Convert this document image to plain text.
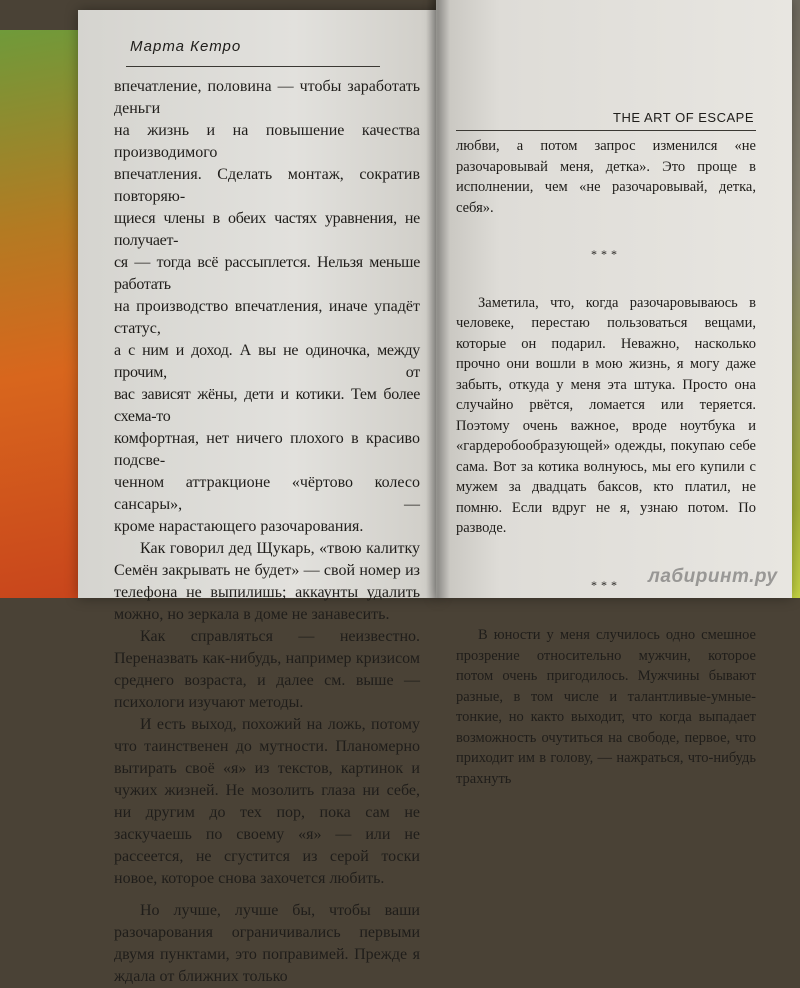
Марта Кетро
впечатление, половина — чтобы заработать деньги
на жизнь и на повышение качества производимого
впечатления. Сделать монтаж, сократив повторяю-
щиеся члены в обеих частях уравнения, не получает-
ся — тогда всё рассыплется. Нельзя меньше работать
на производство впечатления, иначе упадёт статус,
а с ним и доход. А вы не одиночка, между прочим, от
вас зависят жёны, дети и котики. Тем более схема-то
комфортная, нет ничего плохого в красиво подсве-
ченном аттракционе «чёртово колесо сансары», —
кроме нарастающего разочарования.

Как говорил дед Щукарь, «твою калитку Семён закрывать не будет» — свой номер из телефона не выпилишь; аккаунты удалить можно, но зеркала в доме не занавесить.

Как справляться — неизвестно. Переназвать как-нибудь, например кризисом среднего возраста, и далее см. выше — психологи изучают методы.

И есть выход, похожий на ложь, потому что таинственен до мутности. Планомерно вытирать своё «я» из текстов, картинок и чужих жизней. Не мозолить глаза ни себе, ни другим до тех пор, пока сам не заскучаешь по своему «я» — или не рассеется, не сгустится из серой тоски новое, которое снова захочется любить.

Но лучше, лучше бы, чтобы ваши разочарования ограничивались первыми двумя пунктами, это поправимей. Прежде я ждала от ближних только

THE ART OF ESCAPE

любви, а потом запрос изменился «не разочаровывай меня, детка». Это проще в исполнении, чем «не разочаровывай, детка, себя».

***

Заметила, что, когда разочаровываюсь в человеке, перестаю пользоваться вещами, которые он подарил. Неважно, насколько прочно они вошли в мою жизнь, я могу даже забыть, откуда у меня эта штука. Просто она случайно рвётся, ломается или теряется. Поэтому очень важное, вроде ноутбука и «гардеробообразующей» одежды, покупаю себе сама. Вот за котика волнуюсь, мы его купили с мужем за двадцать баксов, кто платил, не помню. Если вдруг не я, узнаю потом. По разводе.

***

В юности у меня случилось одно смешное прозрение относительно мужчин, которое потом очень пригодилось. Мужчины бывают разные, в том числе и талантливые-умные-тонкие, но както выходит, что когда выпадает возможность очутиться на свободе, первое, что приходит им в голову, — нажраться, что-нибудь трахнуть

лабиринт.ру
